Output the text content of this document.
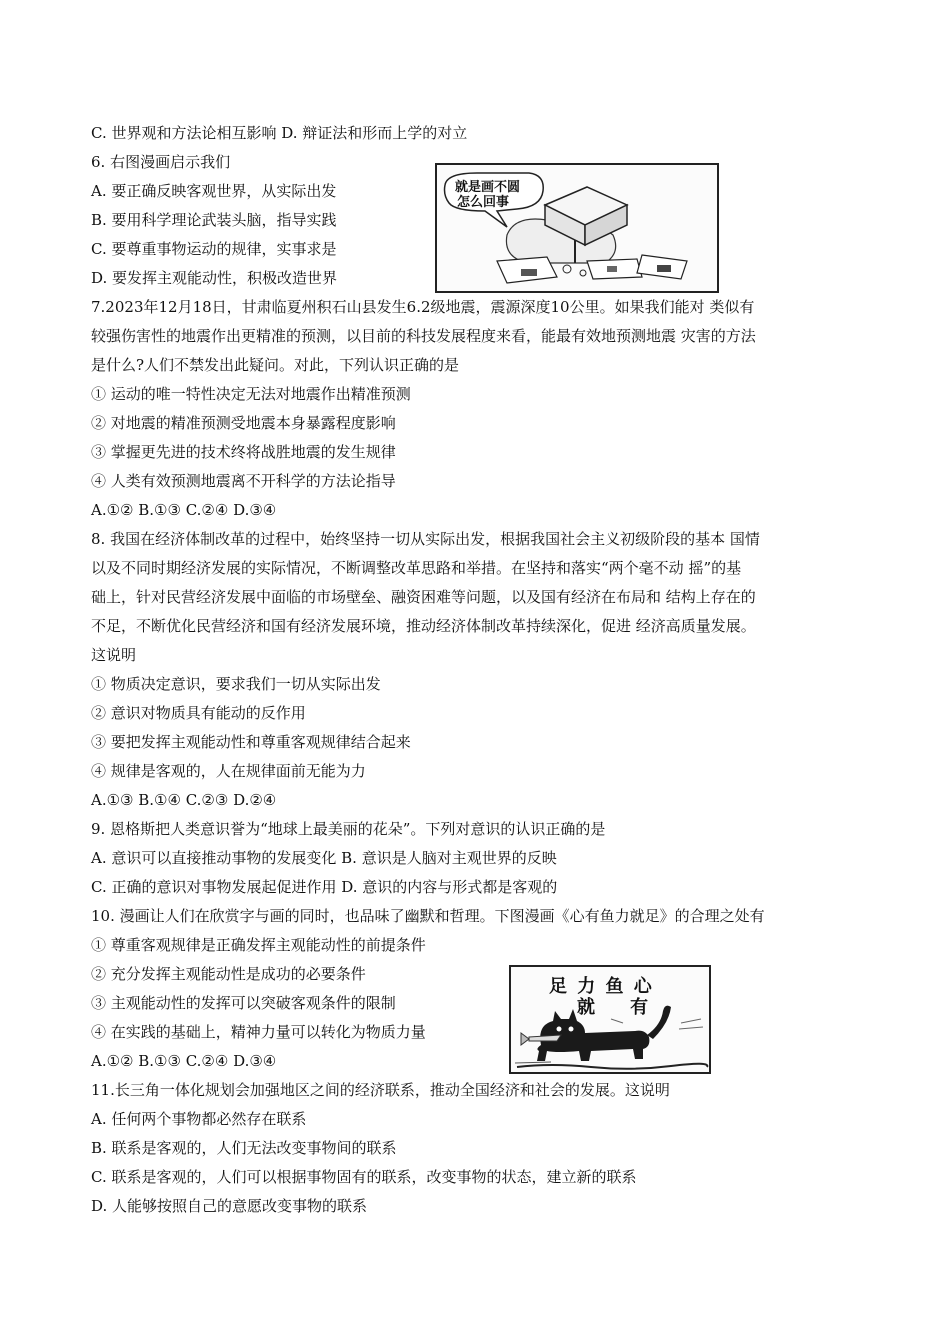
C. 世界观和方法论相互影响 D. 辩证法和形而上学的对立
6. 右图漫画启示我们
A. 要正确反映客观世界，从实际出发
B. 要用科学理论武装头脑，指导实践
C. 要尊重事物运动的规律，实事求是
D. 要发挥主观能动性，积极改造世界
就是画不圆
怎么回事
7.2023年12月18日，甘肃临夏州积石山县发生6.2级地震，震源深度10公里。如果我们能对 类似有
较强伤害性的地震作出更精准的预测，以目前的科技发展程度来看，能最有效地预测地震 灾害的方法
是什么?人们不禁发出此疑问。对此，下列认识正确的是
① 运动的唯一特性决定无法对地震作出精准预测
② 对地震的精准预测受地震本身暴露程度影响
③ 掌握更先进的技术终将战胜地震的发生规律
④ 人类有效预测地震离不开科学的方法论指导
A.①② B.①③ C.②④ D.③④
8. 我国在经济体制改革的过程中，始终坚持一切从实际出发，根据我国社会主义初级阶段的基本 国情
以及不同时期经济发展的实际情况，不断调整改革思路和举措。在坚持和落实“两个毫不动 摇”的基
础上，针对民营经济发展中面临的市场壁垒、融资困难等问题，以及国有经济在布局和 结构上存在的
不足，不断优化民营经济和国有经济发展环境，推动经济体制改革持续深化，促进 经济高质量发展。
这说明
① 物质决定意识，要求我们一切从实际出发
② 意识对物质具有能动的反作用
③ 要把发挥主观能动性和尊重客观规律结合起来
④ 规律是客观的，人在规律面前无能为力
A.①③ B.①④ C.②③ D.②④
9. 恩格斯把人类意识誉为“地球上最美丽的花朵”。下列对意识的认识正确的是
A. 意识可以直接推动事物的发展变化 B. 意识是人脑对主观世界的反映
C. 正确的意识对事物发展起促进作用 D. 意识的内容与形式都是客观的
10. 漫画让人们在欣赏字与画的同时，也品味了幽默和哲理。下图漫画《心有鱼力就足》的合理之处有
① 尊重客观规律是正确发挥主观能动性的前提条件
② 充分发挥主观能动性是成功的必要条件
③ 主观能动性的发挥可以突破客观条件的限制
④ 在实践的基础上，精神力量可以转化为物质力量
A.①② B.①③ C.②④ D.③④
足 力 鱼 心
就    有
11.长三角一体化规划会加强地区之间的经济联系，推动全国经济和社会的发展。这说明
A. 任何两个事物都必然存在联系
B. 联系是客观的，人们无法改变事物间的联系
C. 联系是客观的，人们可以根据事物固有的联系，改变事物的状态，建立新的联系
D. 人能够按照自己的意愿改变事物的联系
